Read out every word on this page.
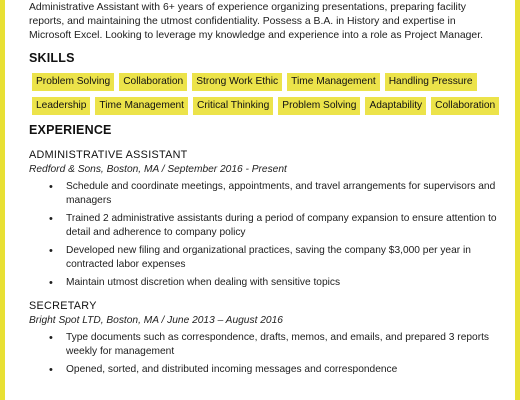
Administrative Assistant with 6+ years of experience organizing presentations, preparing facility reports, and maintaining the utmost confidentiality. Possess a B.A. in History and expertise in Microsoft Excel. Looking to leverage my knowledge and experience into a role as Project Manager.

SKILLS
Problem Solving	Collaboration	Strong Work Ethic	Time Management	Handling Pressure
Leadership	Time Management	Critical Thinking	Problem Solving	Adaptability	Collaboration
EXPERIENCE
ADMINISTRATIVE ASSISTANT

Redford & Sons, Boston, MA / September 2016 - Present

• Schedule and coordinate meetings, appointments, and travel arrangements for supervisors and managers
• Trained 2 administrative assistants during a period of company expansion to ensure attention to detail and adherence to company policy
• Developed new filing and organizational practices, saving the company $3,000 per year in contracted labor expenses
• Maintain utmost discretion when dealing with sensitive topics
SECRETARY

Bright Spot LTD, Boston, MA / June 2013 – August 2016

• Type documents such as correspondence, drafts, memos, and emails, and prepared 3 reports weekly for management
• Opened, sorted, and distributed incoming messages and correspondence
